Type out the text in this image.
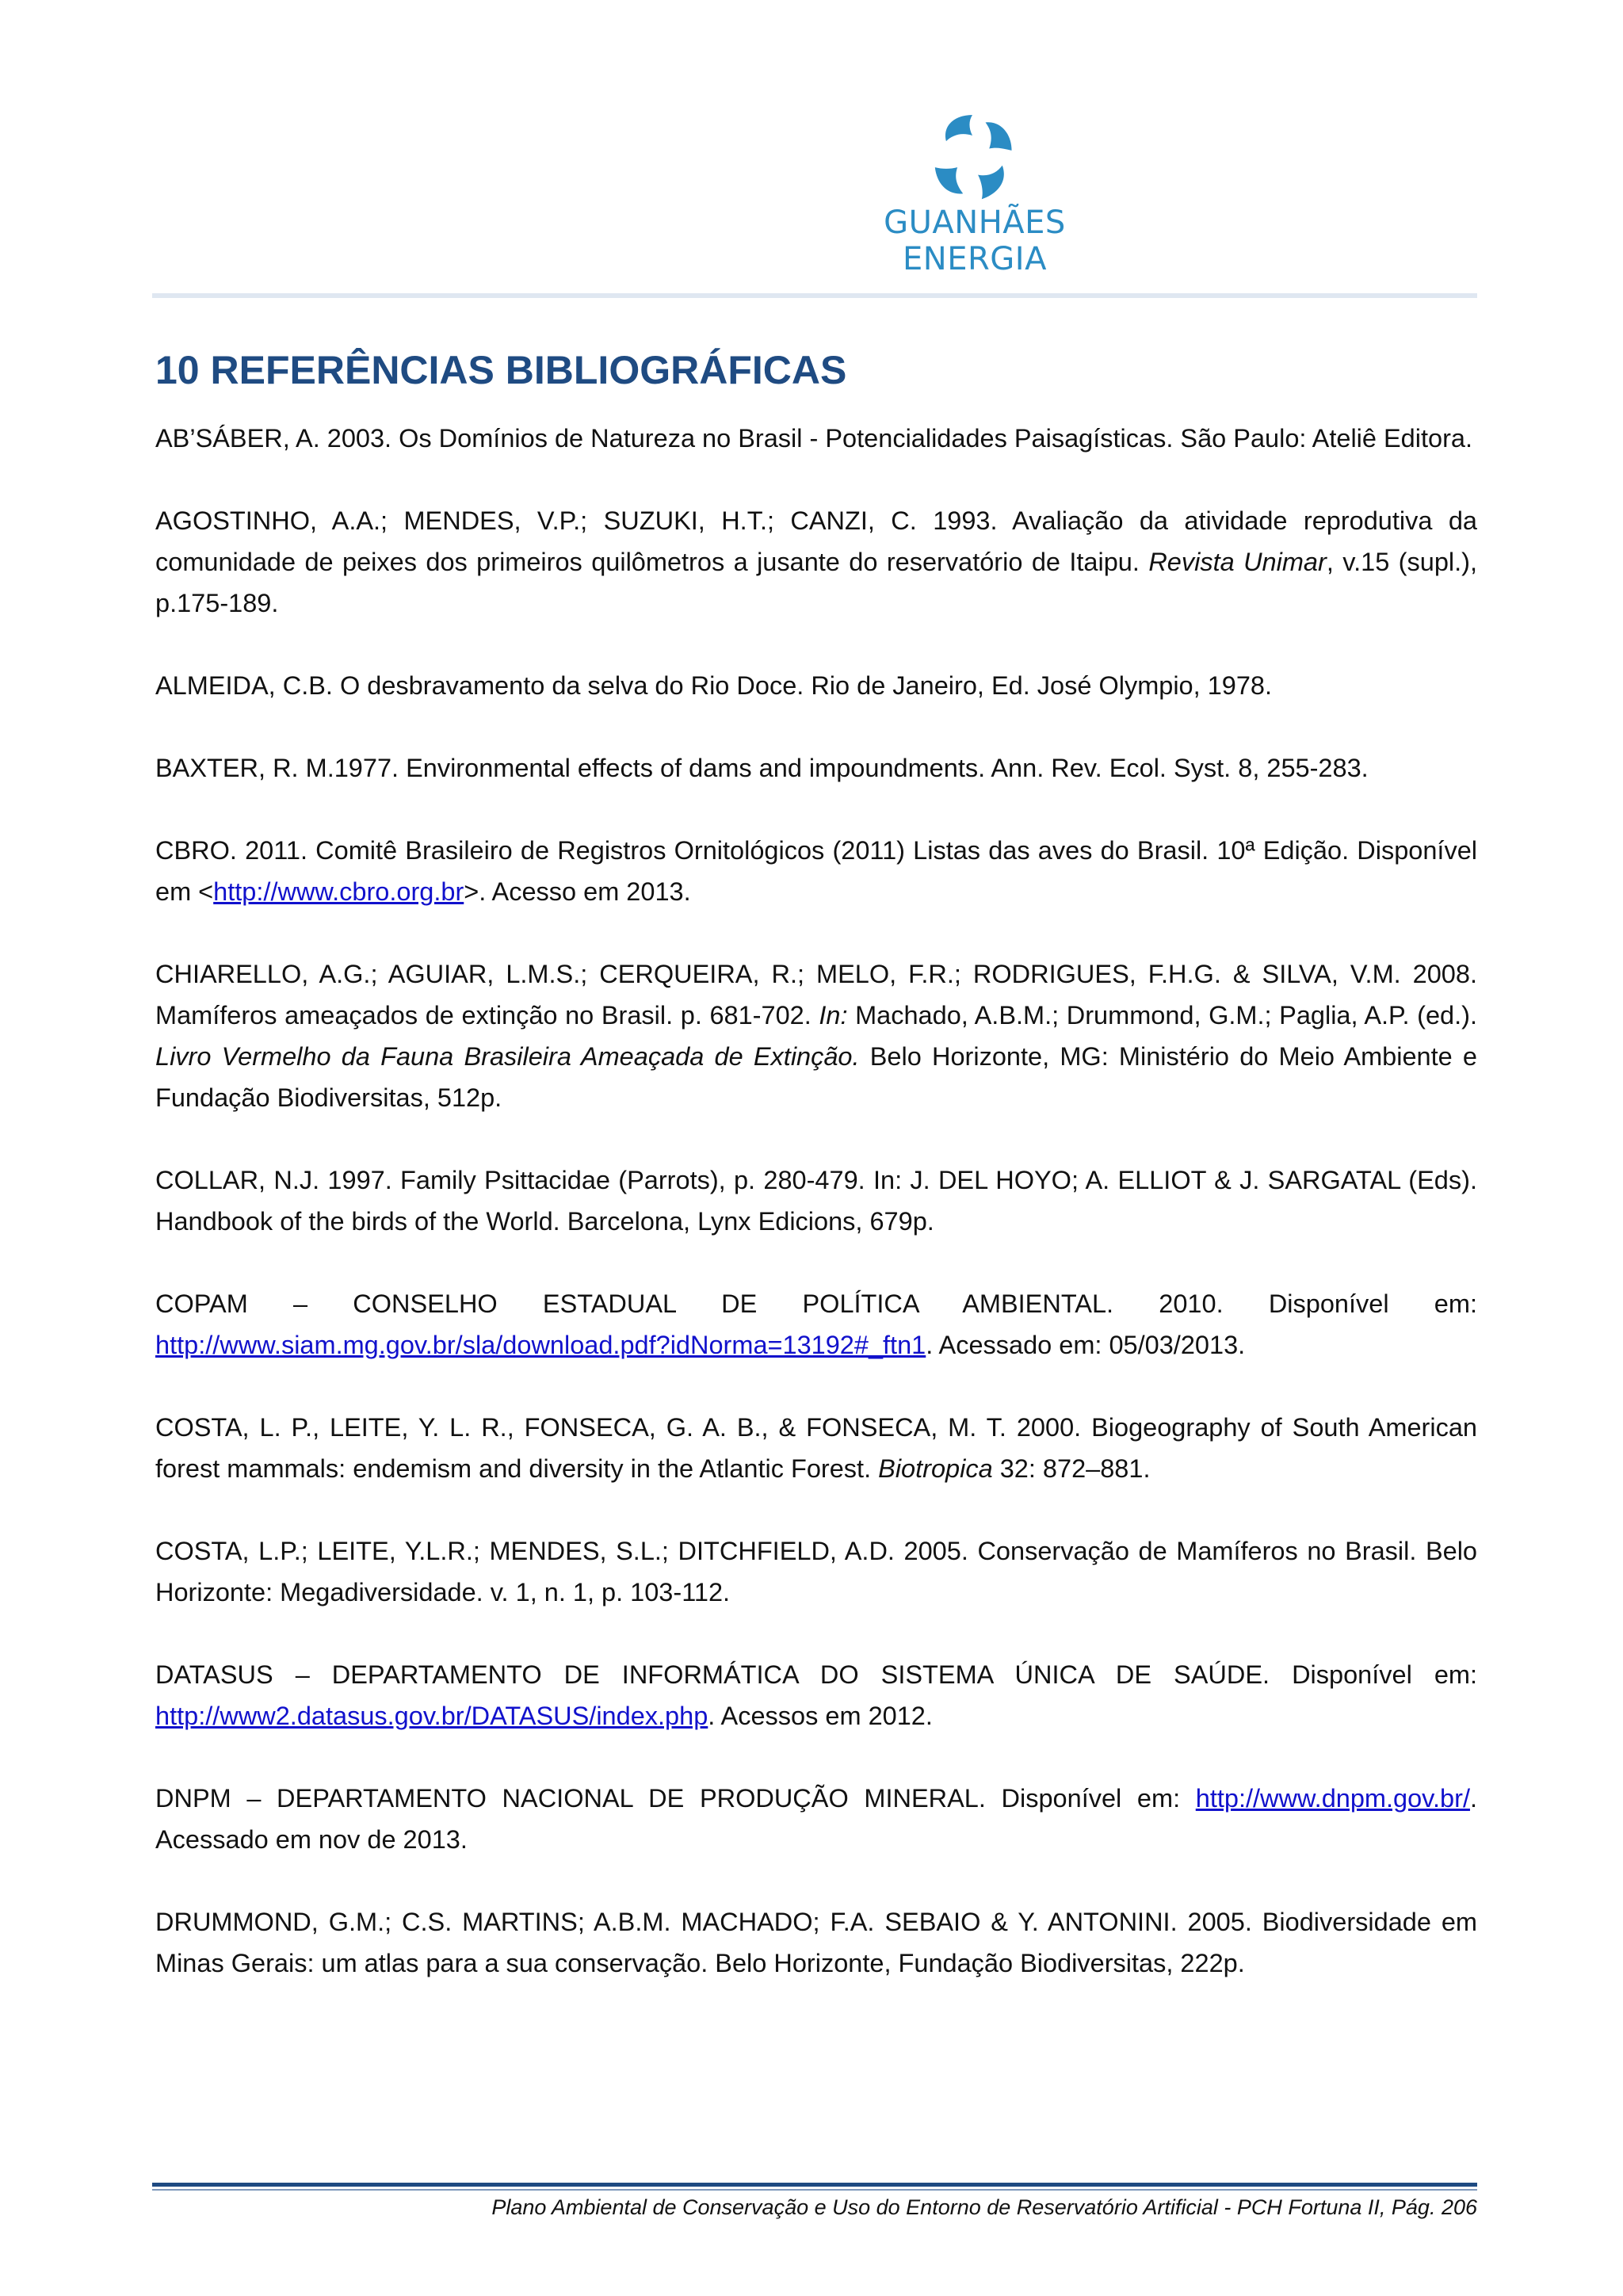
GUANHÃES ENERGIA
10 REFERÊNCIAS BIBLIOGRÁFICAS

AB’SÁBER, A. 2003. Os Domínios de Natureza no Brasil - Potencialidades Paisagísticas. São Paulo: Ateliê Editora.

AGOSTINHO, A.A.; MENDES, V.P.; SUZUKI, H.T.; CANZI, C. 1993. Avaliação da atividade reprodutiva da comunidade de peixes dos primeiros quilômetros a jusante do reservatório de Itaipu. Revista Unimar, v.15 (supl.), p.175-189.

ALMEIDA, C.B. O desbravamento da selva do Rio Doce. Rio de Janeiro, Ed. José Olympio, 1978.

BAXTER, R. M.1977. Environmental effects of dams and impoundments. Ann. Rev. Ecol. Syst. 8, 255-283.

CBRO. 2011. Comitê Brasileiro de Registros Ornitológicos (2011) Listas das aves do Brasil. 10ª Edição. Disponível em <http://www.cbro.org.br>. Acesso em 2013.

CHIARELLO, A.G.; AGUIAR, L.M.S.; CERQUEIRA, R.; MELO, F.R.; RODRIGUES, F.H.G. & SILVA, V.M. 2008. Mamíferos ameaçados de extinção no Brasil. p. 681-702. In: Machado, A.B.M.; Drummond, G.M.; Paglia, A.P. (ed.). Livro Vermelho da Fauna Brasileira Ameaçada de Extinção. Belo Horizonte, MG: Ministério do Meio Ambiente e Fundação Biodiversitas, 512p.

COLLAR, N.J. 1997. Family Psittacidae (Parrots), p. 280-479. In: J. DEL HOYO; A. ELLIOT & J. SARGATAL (Eds). Handbook of the birds of the World. Barcelona, Lynx Edicions, 679p.

COPAM – CONSELHO ESTADUAL DE POLÍTICA AMBIENTAL. 2010. Disponível em: http://www.siam.mg.gov.br/sla/download.pdf?idNorma=13192#_ftn1. Acessado em: 05/03/2013.

COSTA, L. P., LEITE, Y. L. R., FONSECA, G. A. B., & FONSECA, M. T. 2000. Biogeography of South American forest mammals: endemism and diversity in the Atlantic Forest. Biotropica 32: 872–881.

COSTA, L.P.; LEITE, Y.L.R.; MENDES, S.L.; DITCHFIELD, A.D. 2005. Conservação de Mamíferos no Brasil. Belo Horizonte: Megadiversidade. v. 1, n. 1, p. 103-112.

DATASUS – DEPARTAMENTO DE INFORMÁTICA DO SISTEMA ÚNICA DE SAÚDE. Disponível em: http://www2.datasus.gov.br/DATASUS/index.php. Acessos em 2012.

DNPM – DEPARTAMENTO NACIONAL DE PRODUÇÃO MINERAL. Disponível em: http://www.dnpm.gov.br/. Acessado em nov de 2013.

DRUMMOND, G.M.; C.S. MARTINS; A.B.M. MACHADO; F.A. SEBAIO & Y. ANTONINI. 2005. Biodiversidade em Minas Gerais: um atlas para a sua conservação. Belo Horizonte, Fundação Biodiversitas, 222p.

Plano Ambiental de Conservação e Uso do Entorno de Reservatório Artificial - PCH Fortuna II, Pág. 206
